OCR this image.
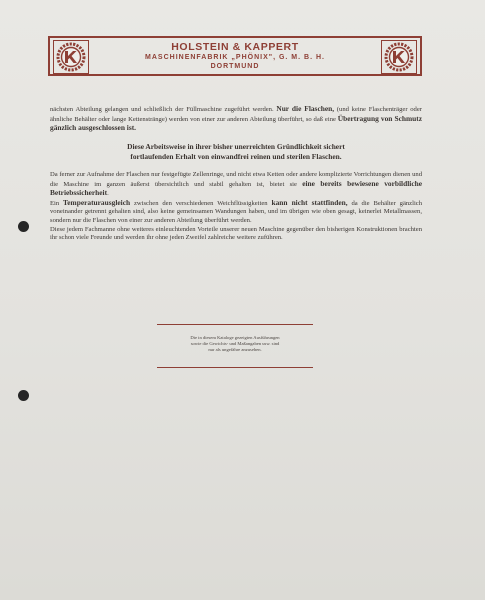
HOLSTEIN & KAPPERT
MASCHINENFABRIK „PHÖNIX", G. M. B. H.
DORTMUND

nächsten Abteilung gelangen und schließlich der Füllmaschine zugeführt werden. Nur die Flaschen, (und keine Flaschenträger oder ähnliche Behälter oder lange Kettenstränge) werden von einer zur anderen Abteilung überführt, so daß eine Übertragung von Schmutz gänzlich ausgeschlossen ist.

Diese Arbeitsweise in ihrer bisher unerreichten Gründlichkeit sichert
fortlaufenden Erhalt von einwandfrei reinen und sterilen Flaschen.

Da ferner zur Aufnahme der Flaschen nur festgefügte Zellenringe, und nicht etwa Ketten oder andere komplizierte Vorrichtungen dienen und die Maschine im ganzen äußerst übersichtlich und stabil gehalten ist, bietet sie eine bereits bewiesene vorbildliche Betriebssicherheit.
Ein Temperaturausgleich zwischen den verschiedenen Weichflüssigkeiten kann nicht stattfinden, da die Behälter gänzlich voneinander getrennt gehalten sind, also keine gemeinsamen Wandungen haben, und im übrigen wie oben gesagt, keinerlei Metallmassen, sondern nur die Flaschen von einer zur anderen Abteilung überführt werden.
Diese jedem Fachmanne ohne weiteres einleuchtenden Vorteile unserer neuen Maschine gegenüber den bisherigen Konstruktionen brachten ihr schon viele Freunde und werden ihr ohne jeden Zweifel zahlreiche weitere zuführen.

Die in diesem Kataloge gezeigten Ausführungen
sowie die Gewichts- und Maßangaben usw. sind
nur als ungefähre anzusehen.
